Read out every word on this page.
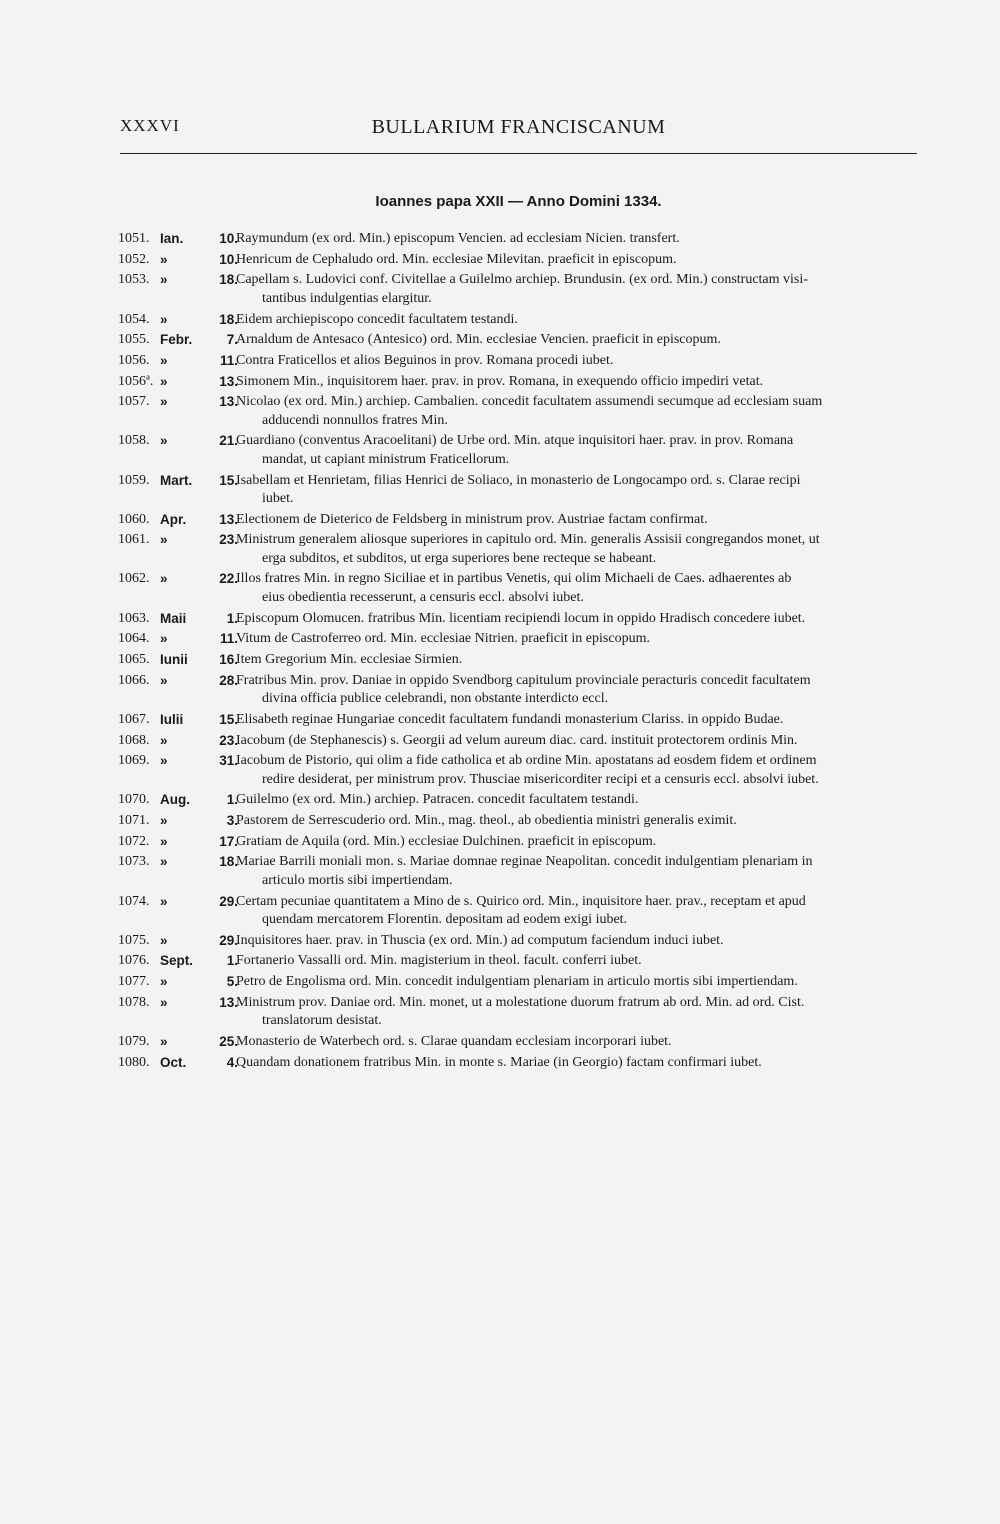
XXXVI	BULLARIUM FRANCISCANUM
Ioannes papa XXII — Anno Domini 1334.
1051. Ian.	10.
Raymundum (ex ord. Min.) episcopum Vencien. ad ecclesiam Nicien. transfert.
1052. »	10.
Henricum de Cephaludo ord. Min. ecclesiae Milevitan. praeficit in episcopum.
1053. »	18.
Capellam s. Ludovici conf. Civitellae a Guilelmo archiep. Brundusin. (ex ord. Min.) constructam visi-
tantibus indulgentias elargitur.
1054. »	18.
Eidem archiepiscopo concedit facultatem testandi.
1055. Febr.	7.
Arnaldum de Antesaco (Antesico) ord. Min. ecclesiae Vencien. praeficit in episcopum.
1056. »	11.
Contra Fraticellos et alios Beguinos in prov. Romana procedi iubet.
1056ª. »	13.
Simonem Min., inquisitorem haer. prav. in prov. Romana, in exequendo officio impediri vetat.
1057. »	13.
Nicolao (ex ord. Min.) archiep. Cambalien. concedit facultatem assumendi secumque ad ecclesiam suam
adducendi nonnullos fratres Min.
1058. »	21.
Guardiano (conventus Aracoelitani) de Urbe ord. Min. atque inquisitori haer. prav. in prov. Romana
mandat, ut capiant ministrum Fraticellorum.
1059. Mart.	15.
Isabellam et Henrietam, filias Henrici de Soliaco, in monasterio de Longocampo ord. s. Clarae recipi
iubet.
1060. Apr.	13.
Electionem de Dieterico de Feldsberg in ministrum prov. Austriae factam confirmat.
1061. »	23.
Ministrum generalem aliosque superiores in capitulo ord. Min. generalis Assisii congregandos monet, ut
erga subditos, et subditos, ut erga superiores bene recteque se habeant.
1062. »	22.
Illos fratres Min. in regno Siciliae et in partibus Venetis, qui olim Michaeli de Caes. adhaerentes ab
eius obedientia recesserunt, a censuris eccl. absolvi iubet.
1063. Maii	1.
Episcopum Olomucen. fratribus Min. licentiam recipiendi locum in oppido Hradisch concedere iubet.
1064. »	11.
Vitum de Castroferreo ord. Min. ecclesiae Nitrien. praeficit in episcopum.
1065. Iunii	16.
Item Gregorium Min. ecclesiae Sirmien.
1066. »	28.
Fratribus Min. prov. Daniae in oppido Svendborg capitulum provinciale peracturis concedit facultatem
divina officia publice celebrandi, non obstante interdicto eccl.
1067. Iulii	15.
Elisabeth reginae Hungariae concedit facultatem fundandi monasterium Clariss. in oppido Budae.
1068. »	23.
Iacobum (de Stephanescis) s. Georgii ad velum aureum diac. card. instituit protectorem ordinis Min.
1069. »	31.
Iacobum de Pistorio, qui olim a fide catholica et ab ordine Min. apostatans ad eosdem fidem et ordinem
redire desiderat, per ministrum prov. Thusciae misericorditer recipi et a censuris eccl. absolvi iubet.
1070. Aug.	1.
Guilelmo (ex ord. Min.) archiep. Patracen. concedit facultatem testandi.
1071. »	3.
Pastorem de Serrescuderio ord. Min., mag. theol., ab obedientia ministri generalis eximit.
1072. »	17.
Gratiam de Aquila (ord. Min.) ecclesiae Dulchinen. praeficit in episcopum.
1073. »	18.
Mariae Barrili moniali mon. s. Mariae domnae reginae Neapolitan. concedit indulgentiam plenariam in
articulo mortis sibi impertiendam.
1074. »	29.
Certam pecuniae quantitatem a Mino de s. Quirico ord. Min., inquisitore haer. prav., receptam et apud
quendam mercatorem Florentin. depositam ad eodem exigi iubet.
1075. »	29.
Inquisitores haer. prav. in Thuscia (ex ord. Min.) ad computum faciendum induci iubet.
1076. Sept.	1.
Fortanerio Vassalli ord. Min. magisterium in theol. facult. conferri iubet.
1077. »	5.
Petro de Engolisma ord. Min. concedit indulgentiam plenariam in articulo mortis sibi impertiendam.
1078. »	13.
Ministrum prov. Daniae ord. Min. monet, ut a molestatione duorum fratrum ab ord. Min. ad ord. Cist.
translatorum desistat.
1079. »	25.
Monasterio de Waterbech ord. s. Clarae quandam ecclesiam incorporari iubet.
1080. Oct.	4.
Quandam donationem fratribus Min. in monte s. Mariae (in Georgio) factam confirmari iubet.
